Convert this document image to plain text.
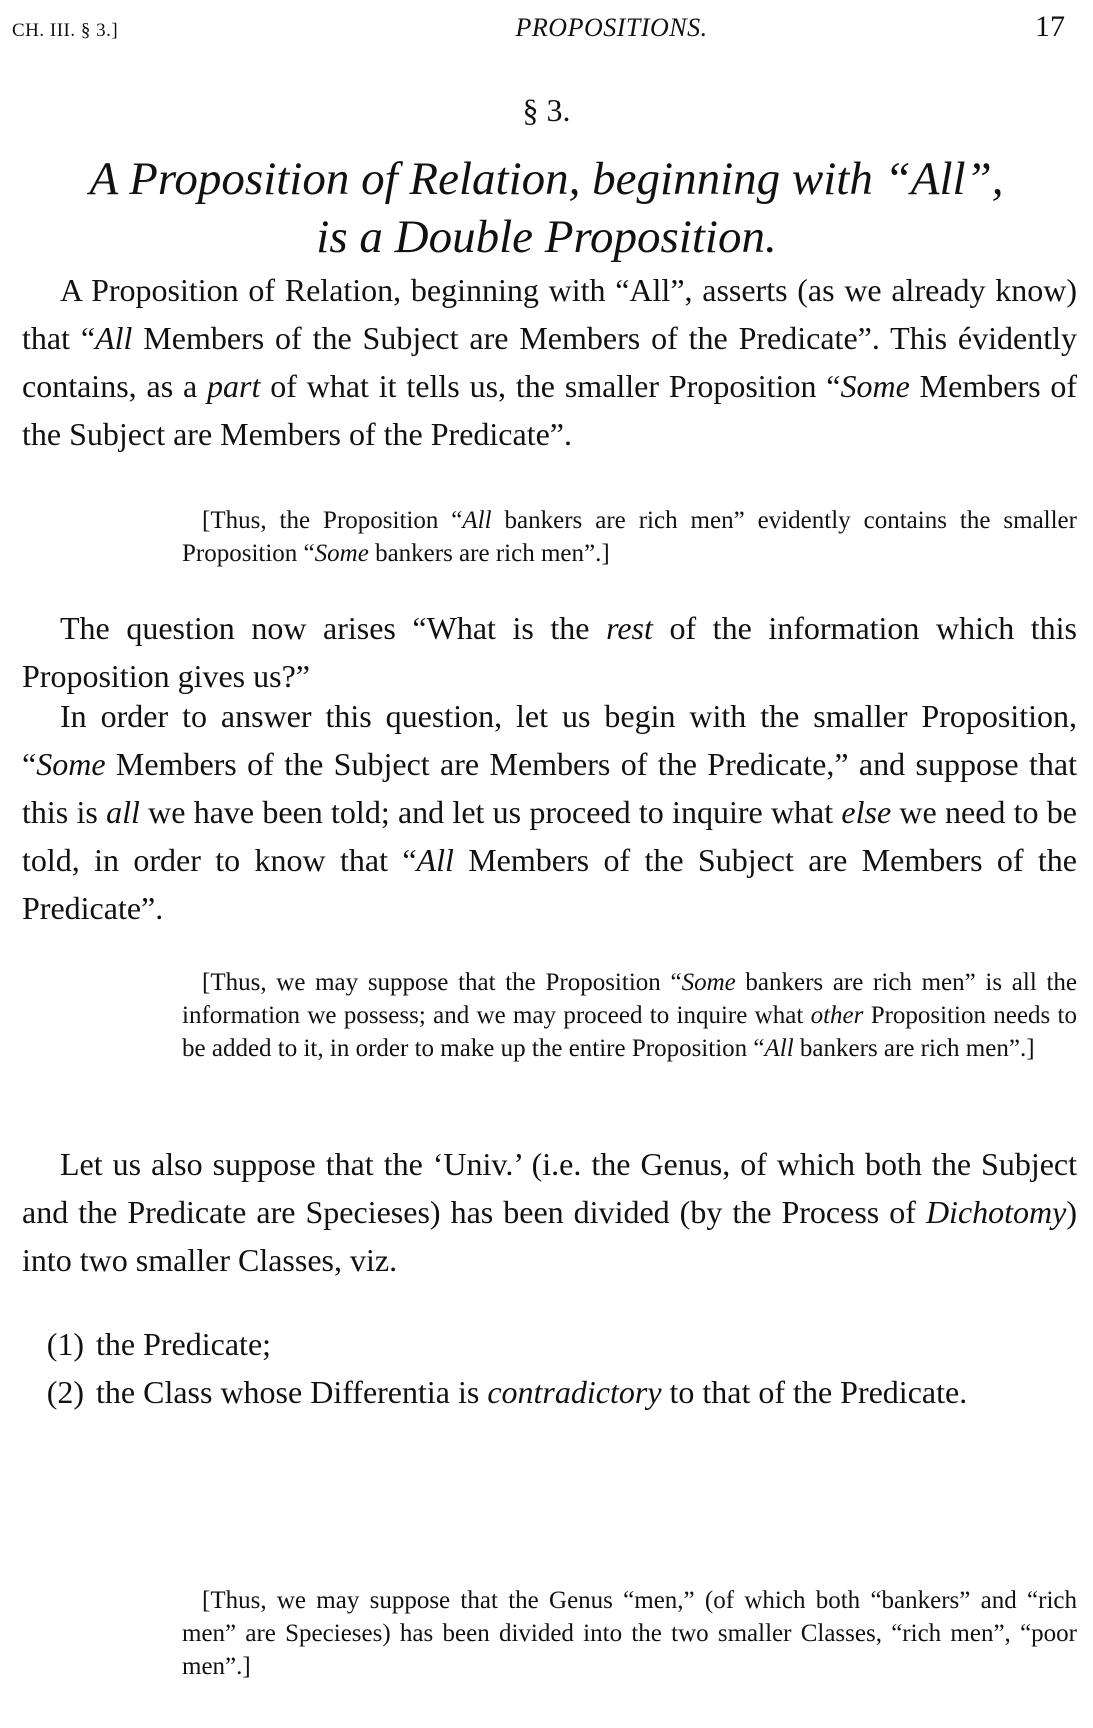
CH. III. § 3.]	PROPOSITIONS.	17
§ 3.
A Proposition of Relation, beginning with “All”,
is a Double Proposition.

A Proposition of Relation, beginning with “All”, asserts (as we already know) that “All Members of the Subject are Members of the Predicate”. This évidently contains, as a part of what it tells us, the smaller Proposition “Some Members of the Subject are Members of the Predicate”.

[Thus, the Proposition “All bankers are rich men” evidently contains the smaller Proposition “Some bankers are rich men”.]

The question now arises “What is the rest of the information which this Proposition gives us?”

In order to answer this question, let us begin with the smaller Proposition, “Some Members of the Subject are Members of the Predicate,” and suppose that this is all we have been told; and let us proceed to inquire what else we need to be told, in order to know that “All Members of the Subject are Members of the Predicate”.

[Thus, we may suppose that the Proposition “Some bankers are rich men” is all the information we possess; and we may proceed to inquire what other Proposition needs to be added to it, in order to make up the entire Proposition “All bankers are rich men”.]

Let us also suppose that the ‘Univ.’ (i.e. the Genus, of which both the Subject and the Predicate are Specieses) has been divided (by the Process of Dichotomy) into two smaller Classes, viz.

(1) the Predicate;
(2) the Class whose Differentia is contradictory to that of the Predicate.

[Thus, we may suppose that the Genus “men,” (of which both “bankers” and “rich men” are Specieses) has been divided into the two smaller Classes, “rich men”, “poor men”.]
